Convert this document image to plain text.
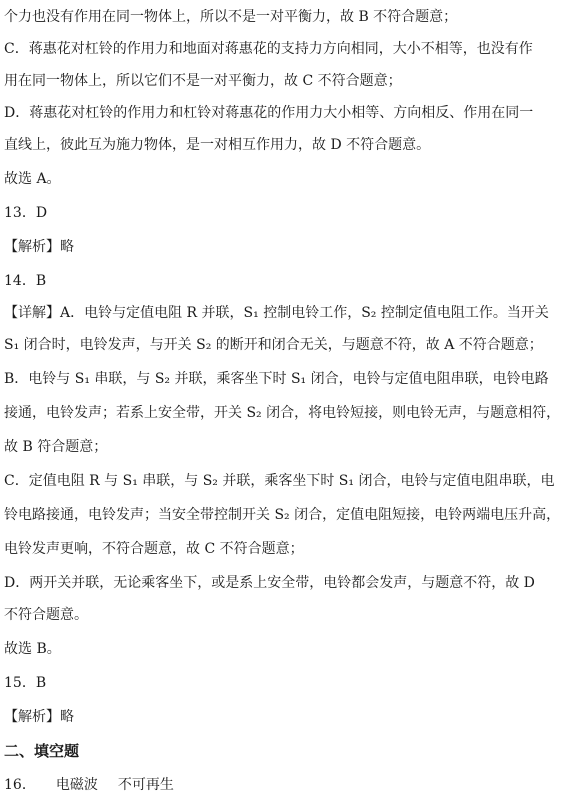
个力也没有作用在同一物体上，所以不是一对平衡力，故 B 不符合题意；
C．蒋惠花对杠铃的作用力和地面对蒋惠花的支持力方向相同，大小不相等，也没有作
用在同一物体上，所以它们不是一对平衡力，故 C 不符合题意；
D．蒋惠花对杠铃的作用力和杠铃对蒋惠花的作用力大小相等、方向相反、作用在同一
直线上，彼此互为施力物体，是一对相互作用力，故 D 不符合题意。
故选 A。
13．D
【解析】略
14．B
【详解】A．电铃与定值电阻 R 并联，S₁ 控制电铃工作，S₂ 控制定值电阻工作。当开关
S₁ 闭合时，电铃发声，与开关 S₂ 的断开和闭合无关，与题意不符，故 A 不符合题意；
B．电铃与 S₁ 串联，与 S₂ 并联，乘客坐下时 S₁ 闭合，电铃与定值电阻串联，电铃电路
接通，电铃发声；若系上安全带，开关 S₂ 闭合，将电铃短接，则电铃无声，与题意相符，
故 B 符合题意；
C．定值电阻 R 与 S₁ 串联，与 S₂ 并联，乘客坐下时 S₁ 闭合，电铃与定值电阻串联，电
铃电路接通，电铃发声；当安全带控制开关 S₂ 闭合，定值电阻短接，电铃两端电压升高，
电铃发声更响，不符合题意，故 C 不符合题意；
D．两开关并联，无论乘客坐下，或是系上安全带，电铃都会发声，与题意不符，故 D
不符合题意。
故选 B。
15．B
【解析】略
二、填空题
16． 电磁波 不可再生
